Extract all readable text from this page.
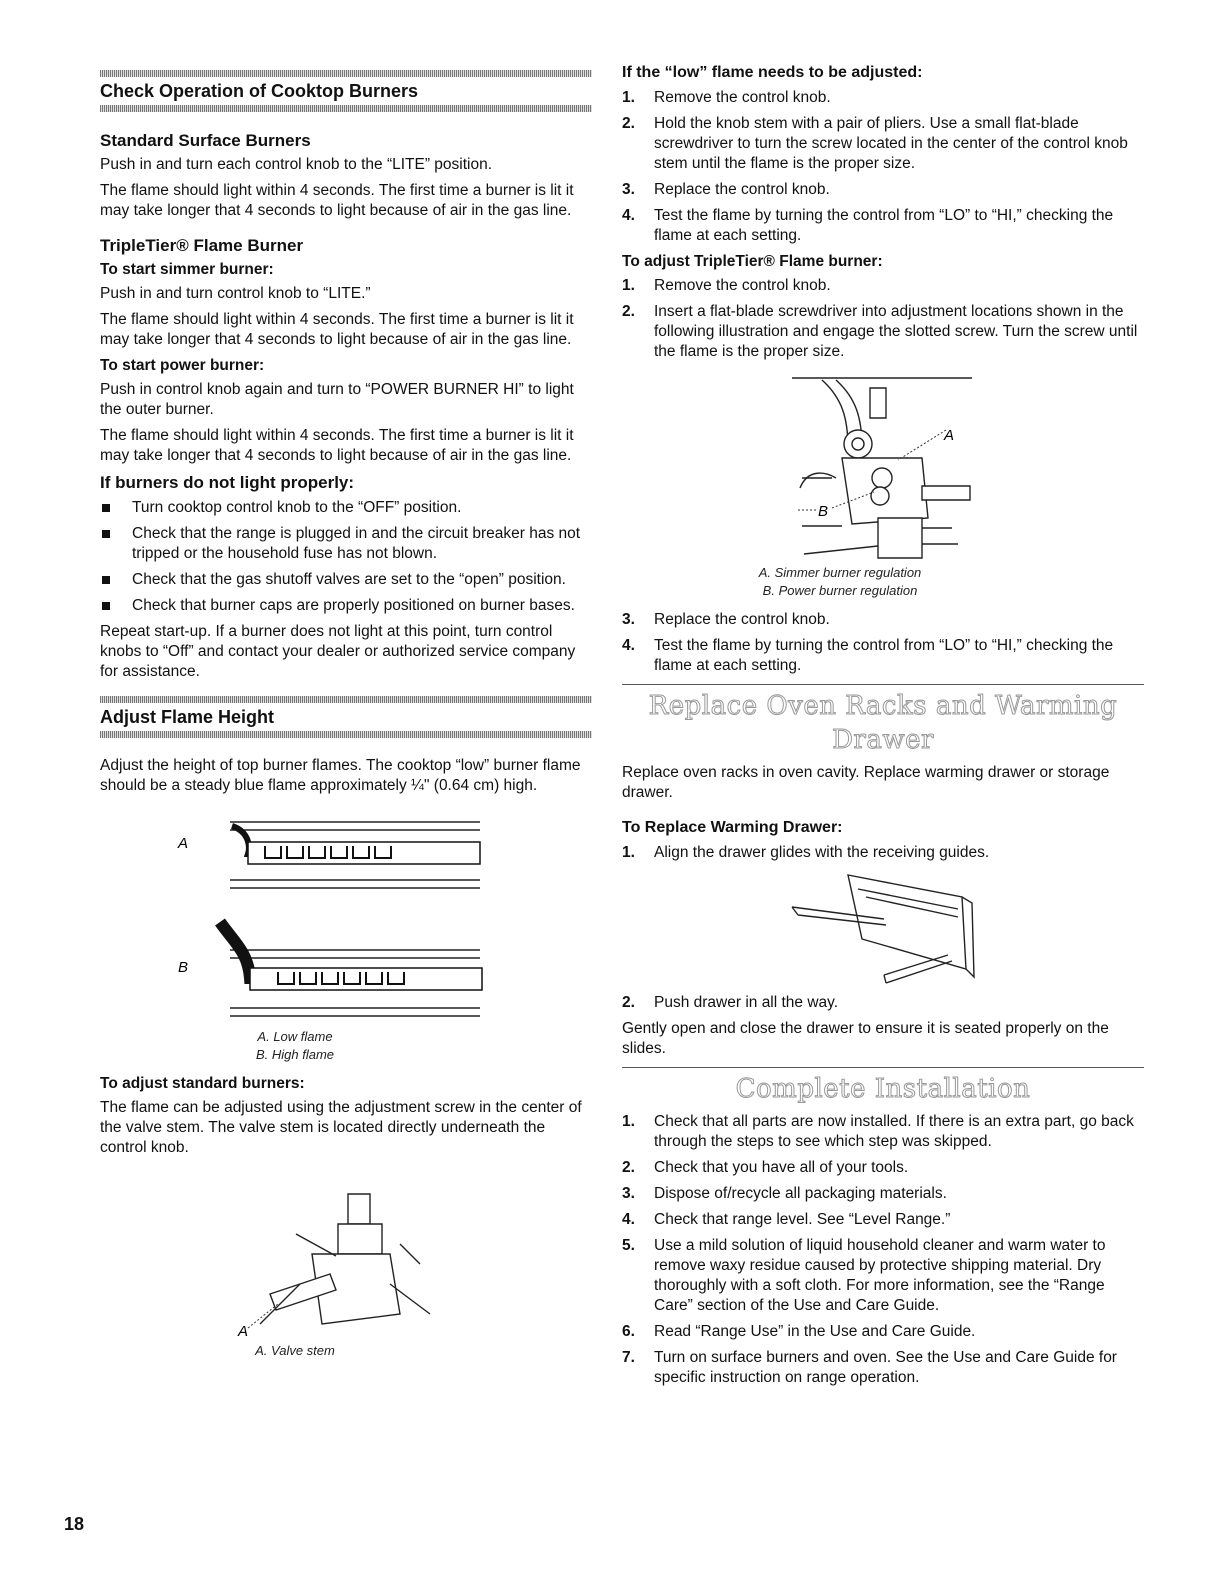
Check Operation of Cooktop Burners
Standard Surface Burners

Push in and turn each control knob to the “LITE” position.

The flame should light within 4 seconds. The first time a burner is lit it may take longer that 4 seconds to light because of air in the gas line.

TripleTier® Flame Burner
To start simmer burner:

Push in and turn control knob to “LITE.”

The flame should light within 4 seconds. The first time a burner is lit it may take longer that 4 seconds to light because of air in the gas line.

To start power burner:

Push in control knob again and turn to “POWER BURNER HI” to light the outer burner.

The flame should light within 4 seconds. The first time a burner is lit it may take longer that 4 seconds to light because of air in the gas line.

If burners do not light properly:
Turn cooktop control knob to the “OFF” position.
Check that the range is plugged in and the circuit breaker has not tripped or the household fuse has not blown.
Check that the gas shutoff valves are set to the “open” position.
Check that burner caps are properly positioned on burner bases.

Repeat start-up. If a burner does not light at this point, turn control knobs to “Off” and contact your dealer or authorized service company for assistance.

Adjust Flame Height

Adjust the height of top burner flames. The cooktop “low” burner flame should be a steady blue flame approximately ¼" (0.64 cm) high.

A
B
A. Low flame
B. High flame
To adjust standard burners:

The flame can be adjusted using the adjustment screw in the center of the valve stem. The valve stem is located directly underneath the control knob.

A
A. Valve stem
If the “low” flame needs to be adjusted:
1. Remove the control knob.
2. Hold the knob stem with a pair of pliers. Use a small flat-blade screwdriver to turn the screw located in the center of the control knob stem until the flame is the proper size.
3. Replace the control knob.
4. Test the flame by turning the control from “LO” to “HI,” checking the flame at each setting.
To adjust TripleTier® Flame burner:
1. Remove the control knob.
2. Insert a flat-blade screwdriver into adjustment locations shown in the following illustration and engage the slotted screw. Turn the screw until the flame is the proper size.
A
B
A. Simmer burner regulation
B. Power burner regulation
3. Replace the control knob.
4. Test the flame by turning the control from “LO” to “HI,” checking the flame at each setting.
Replace Oven Racks and Warming Drawer

Replace oven racks in oven cavity. Replace warming drawer or storage drawer.

To Replace Warming Drawer:
1. Align the drawer glides with the receiving guides.
2. Push drawer in all the way.

Gently open and close the drawer to ensure it is seated properly on the slides.

Complete Installation
1. Check that all parts are now installed. If there is an extra part, go back through the steps to see which step was skipped.
2. Check that you have all of your tools.
3. Dispose of/recycle all packaging materials.
4. Check that range level. See “Level Range.”
5. Use a mild solution of liquid household cleaner and warm water to remove waxy residue caused by protective shipping material. Dry thoroughly with a soft cloth. For more information, see the “Range Care” section of the Use and Care Guide.
6. Read “Range Use” in the Use and Care Guide.
7. Turn on surface burners and oven. See the Use and Care Guide for specific instruction on range operation.
18
